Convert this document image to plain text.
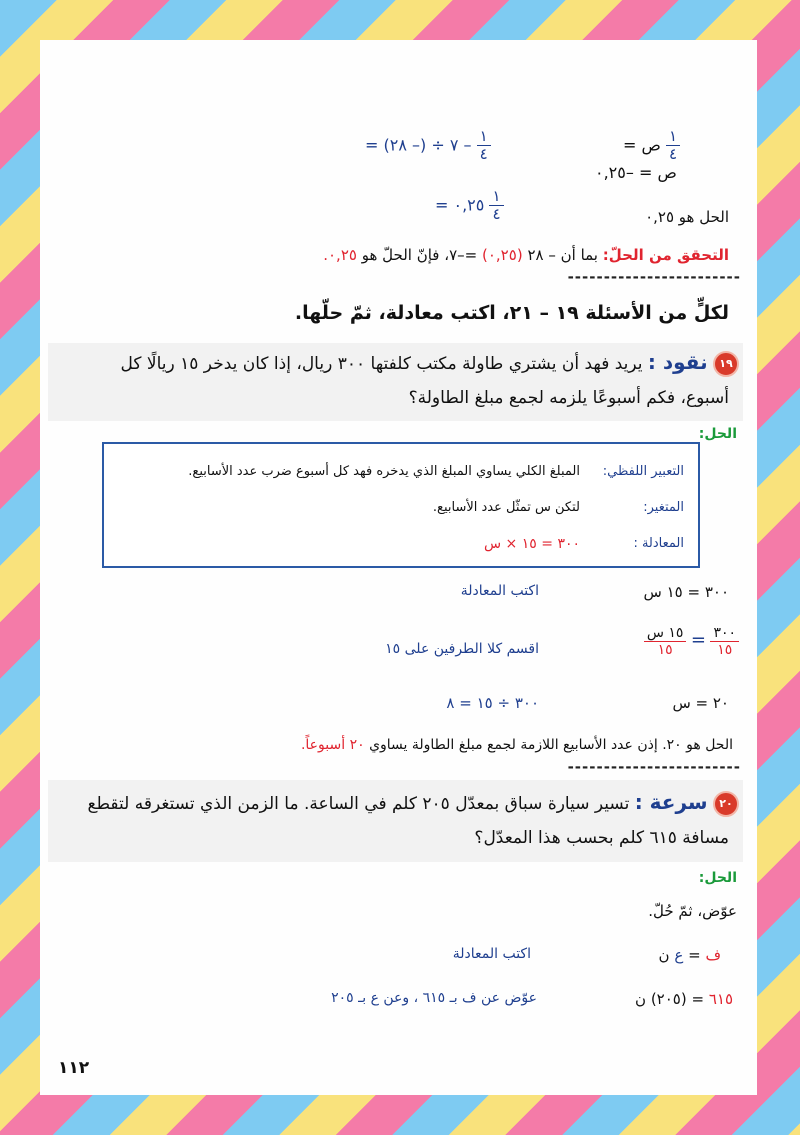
$\frac{١}{٤}$
– ٧ ÷ (– ٢٨) =	$\frac{١}{٤}$
ص =
$\frac{١}{٤}$
٠,٢٥ =
ص = –٠,٢٥
الحل هو ٠,٢٥
التحقق من الحلّ: بما أن – ٢٨ (٠,٢٥) =–٧، فإنّ الحلّ هو ٠,٢٥.
------------------------
لكلٍّ من الأسئلة ١٩ – ٢١، اكتب معادلة، ثمّ حلّها.
١٩ نقود : يريد فهد أن يشتري طاولة مكتب كلفتها ٣٠٠ ريال، إذا كان يدخر ١٥ ريالًا كل
أسبوع، فكم أسبوعًا يلزمه لجمع مبلغ الطاولة؟
الحل:
التعبير اللفظي:
المبلغ الكلي يساوي المبلغ الذي يدخره فهد كل أسبوع ضرب عدد الأسابيع.
المتغير:
لتكن س تمثّل عدد الأسابيع.
المعادلة :
٣٠٠ = ١٥ × س
٣٠٠ = ١٥ س
اكتب المعادلة
$\frac{٣٠٠}{١٥}$
=
$\frac{\text{١٥ س}}{١٥}$
اقسم كلا الطرفين على ١٥
٢٠ = س
٣٠٠ ÷ ١٥ = ٨
الحل هو ٢٠. إذن عدد الأسابيع اللازمة لجمع مبلغ الطاولة يساوي ٢٠ أسبوعاً.
------------------------
٢٠ سرعة : تسير سيارة سباق بمعدّل ٢٠٥ كلم في الساعة. ما الزمن الذي تستغرقه لتقطع
مسافة ٦١٥ كلم بحسب هذا المعدّل؟
الحل:
عوّض، ثمّ حُلّ.
ف = ع ن
اكتب المعادلة
٦١٥ = (٢٠٥) ن
عوّض عن ف بـ ٦١٥ ، وعن ع بـ ٢٠٥
١١٢
